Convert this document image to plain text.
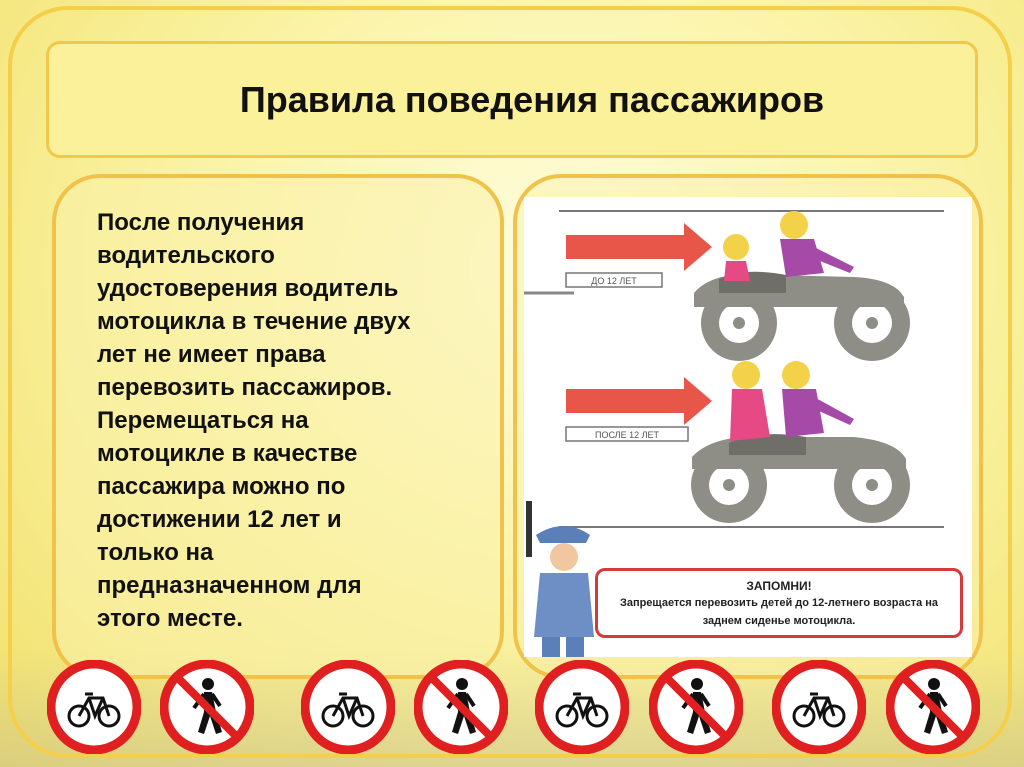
Правила поведения пассажиров

После получения
водительского
удостоверения водитель
мотоцикла в течение двух
лет не имеет права
перевозить пассажиров.
Перемещаться на
мотоцикле в качестве
пассажира можно по
достижении 12 лет и
только на
предназначенном для
этого месте.

ДО 12 ЛЕТ
ПОСЛЕ 12 ЛЕТ
ЗАПОМНИ!
Запрещается перевозить детей до 12-летнего возраста на
заднем сиденье мотоцикла.
